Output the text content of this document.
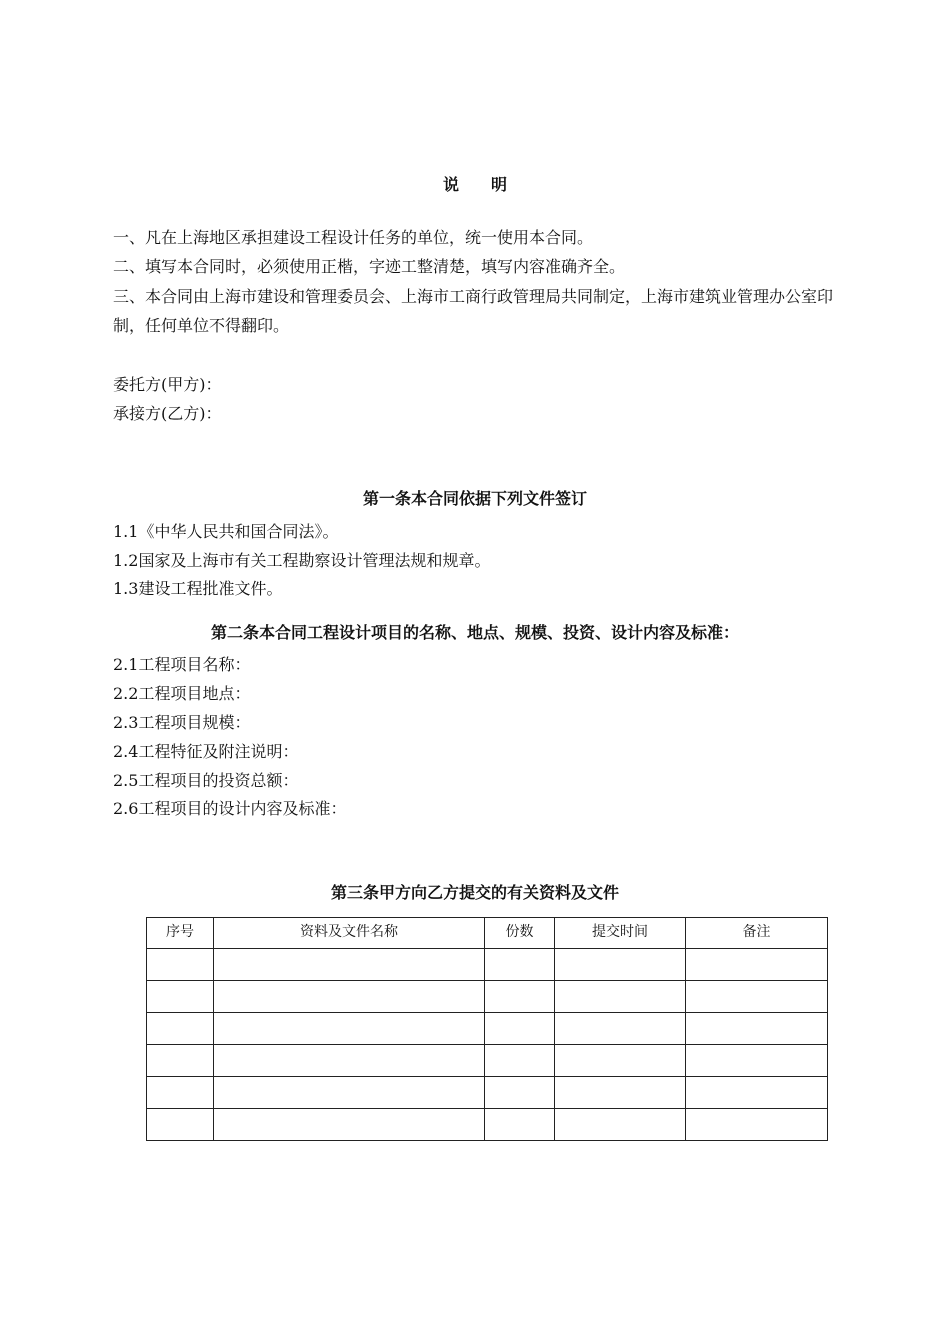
说　　明
一、凡在上海地区承担建设工程设计任务的单位，统一使用本合同。
二、填写本合同时，必须使用正楷，字迹工整清楚，填写内容准确齐全。
三、本合同由上海市建设和管理委员会、上海市工商行政管理局共同制定，上海市建筑业管理办公室印制，任何单位不得翻印。
委托方(甲方)：
承接方(乙方)：
第一条本合同依据下列文件签订
1.1《中华人民共和国合同法》。
1.2国家及上海市有关工程勘察设计管理法规和规章。
1.3建设工程批准文件。
第二条本合同工程设计项目的名称、地点、规模、投资、设计内容及标准：
2.1工程项目名称：
2.2工程项目地点：
2.3工程项目规模：
2.4工程特征及附注说明：
2.5工程项目的投资总额：
2.6工程项目的设计内容及标准：
第三条甲方向乙方提交的有关资料及文件
序号	资料及文件名称	份数	提交时间	备注
